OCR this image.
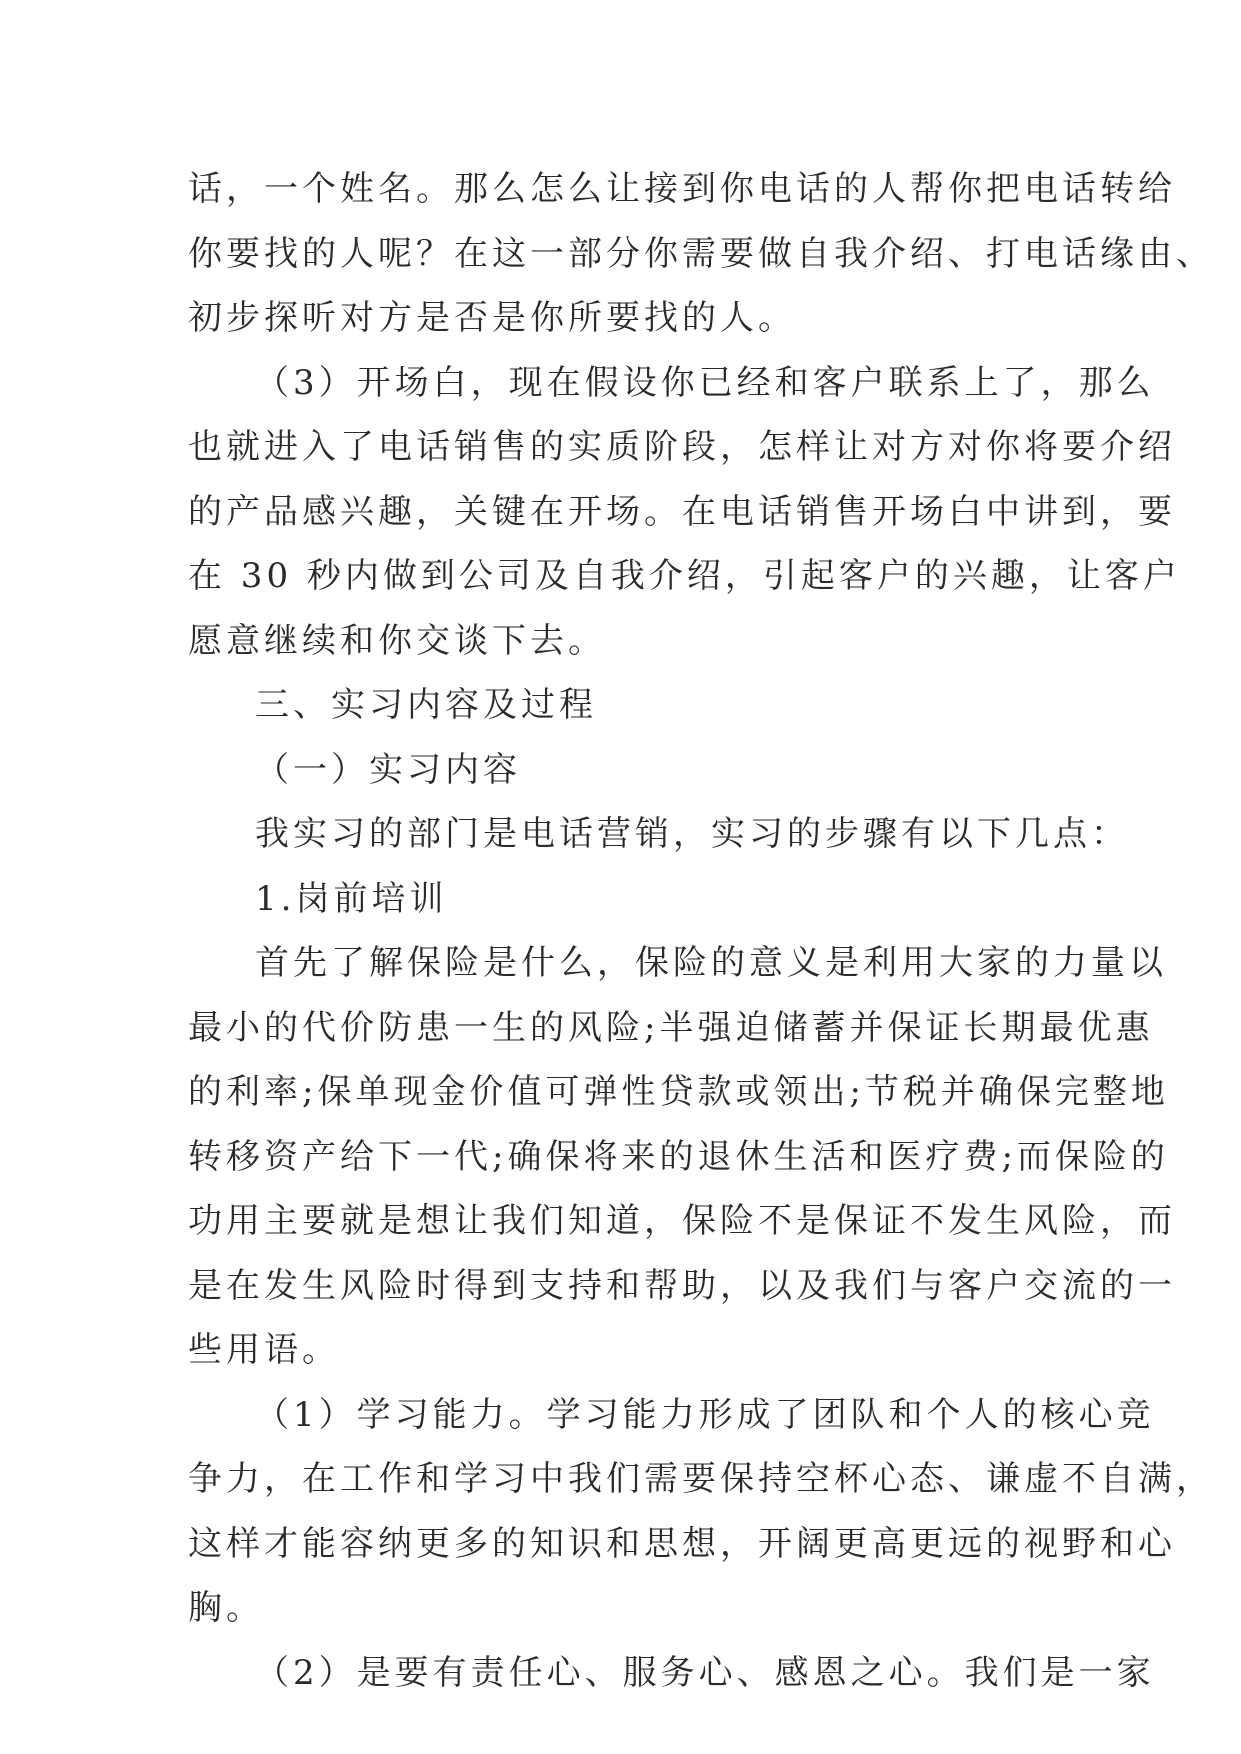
话，一个姓名。那么怎么让接到你电话的人帮你把电话转给
你要找的人呢？在这一部分你需要做自我介绍、打电话缘由、
初步探听对方是否是你所要找的人。
（3）开场白，现在假设你已经和客户联系上了，那么
也就进入了电话销售的实质阶段，怎样让对方对你将要介绍
的产品感兴趣，关键在开场。在电话销售开场白中讲到，要
在 30 秒内做到公司及自我介绍，引起客户的兴趣，让客户
愿意继续和你交谈下去。
三、实习内容及过程
（一）实习内容
我实习的部门是电话营销，实习的步骤有以下几点：
1.岗前培训
首先了解保险是什么，保险的意义是利用大家的力量以
最小的代价防患一生的风险;半强迫储蓄并保证长期最优惠
的利率;保单现金价值可弹性贷款或领出;节税并确保完整地
转移资产给下一代;确保将来的退休生活和医疗费;而保险的
功用主要就是想让我们知道，保险不是保证不发生风险，而
是在发生风险时得到支持和帮助，以及我们与客户交流的一
些用语。
（1）学习能力。学习能力形成了团队和个人的核心竞
争力，在工作和学习中我们需要保持空杯心态、谦虚不自满，
这样才能容纳更多的知识和思想，开阔更高更远的视野和心
胸。
（2）是要有责任心、服务心、感恩之心。我们是一家
